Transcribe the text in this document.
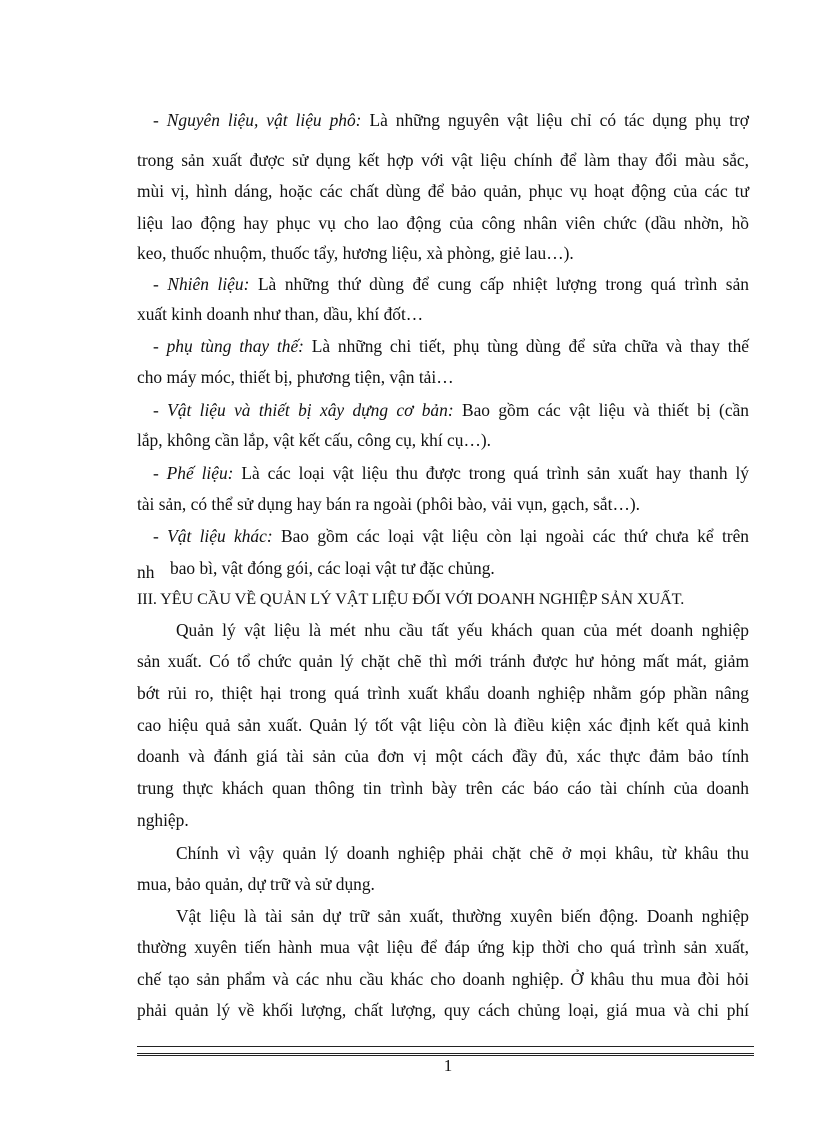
- Nguyên liệu, vật liệu phô: Là những nguyên vật liệu chỉ có tác dụng phụ trợ
trong sản xuất được sử dụng kết hợp với vật liệu chính để làm thay đổi màu sắc,
mùi vị, hình dáng, hoặc các chất dùng để bảo quản, phục vụ hoạt động của các tư
liệu lao động hay phục vụ cho lao động của công nhân viên chức (dầu nhờn, hồ
keo, thuốc nhuộm, thuốc tẩy, hương liệu, xà phòng, giẻ lau…).
- Nhiên liệu: Là những thứ dùng để cung cấp nhiệt lượng trong quá trình sản
xuất kinh doanh như than, dầu, khí đốt…
- phụ tùng thay thế: Là những chi tiết, phụ tùng dùng để sửa chữa và thay thế
cho máy móc, thiết bị, phương tiện, vận tải…
- Vật liệu và thiết bị xây dựng cơ bản: Bao gồm các vật liệu và thiết bị (cần
lắp, không cần lắp, vật kết cấu, công cụ, khí cụ…).
- Phế liệu: Là các loại vật liệu thu được trong quá trình sản xuất hay thanh lý
tài sản, có thể sử dụng hay bán ra ngoài (phôi bào, vải vụn, gạch, sắt…).
- Vật liệu khác: Bao gồm các loại vật liệu còn lại ngoài các thứ chưa kể trên
nh bao bì, vật đóng gói, các loại vật tư đặc chủng.
III. YÊU CẦU VỀ QUẢN LÝ VẬT LIỆU ĐỐI VỚI DOANH NGHIỆP SẢN XUẤT.
Quản lý vật liệu là mét nhu cầu tất yếu khách quan của mét doanh nghiệp
sản xuất. Có tổ chức quản lý chặt chẽ thì mới tránh được hư hỏng mất mát, giảm
bớt rủi ro, thiệt hại trong quá trình xuất khẩu doanh nghiệp nhằm góp phần nâng
cao hiệu quả sản xuất. Quản lý tốt vật liệu còn là điều kiện xác định kết quả kinh
doanh và đánh giá tài sản của đơn vị một cách đầy đủ, xác thực đảm bảo tính
trung thực khách quan thông tin trình bày trên các báo cáo tài chính của doanh
nghiệp.
Chính vì vậy quản lý doanh nghiệp phải chặt chẽ ở mọi khâu, từ khâu thu
mua, bảo quản, dự trữ và sử dụng.
Vật liệu là tài sản dự trữ sản xuất, thường xuyên biến động. Doanh nghiệp
thường xuyên tiến hành mua vật liệu để đáp ứng kịp thời cho quá trình sản xuất,
chế tạo sản phẩm và các nhu cầu khác cho doanh nghiệp. Ở khâu thu mua đòi hỏi
phải quản lý về khối lượng, chất lượng, quy cách chủng loại, giá mua và chi phí
1
